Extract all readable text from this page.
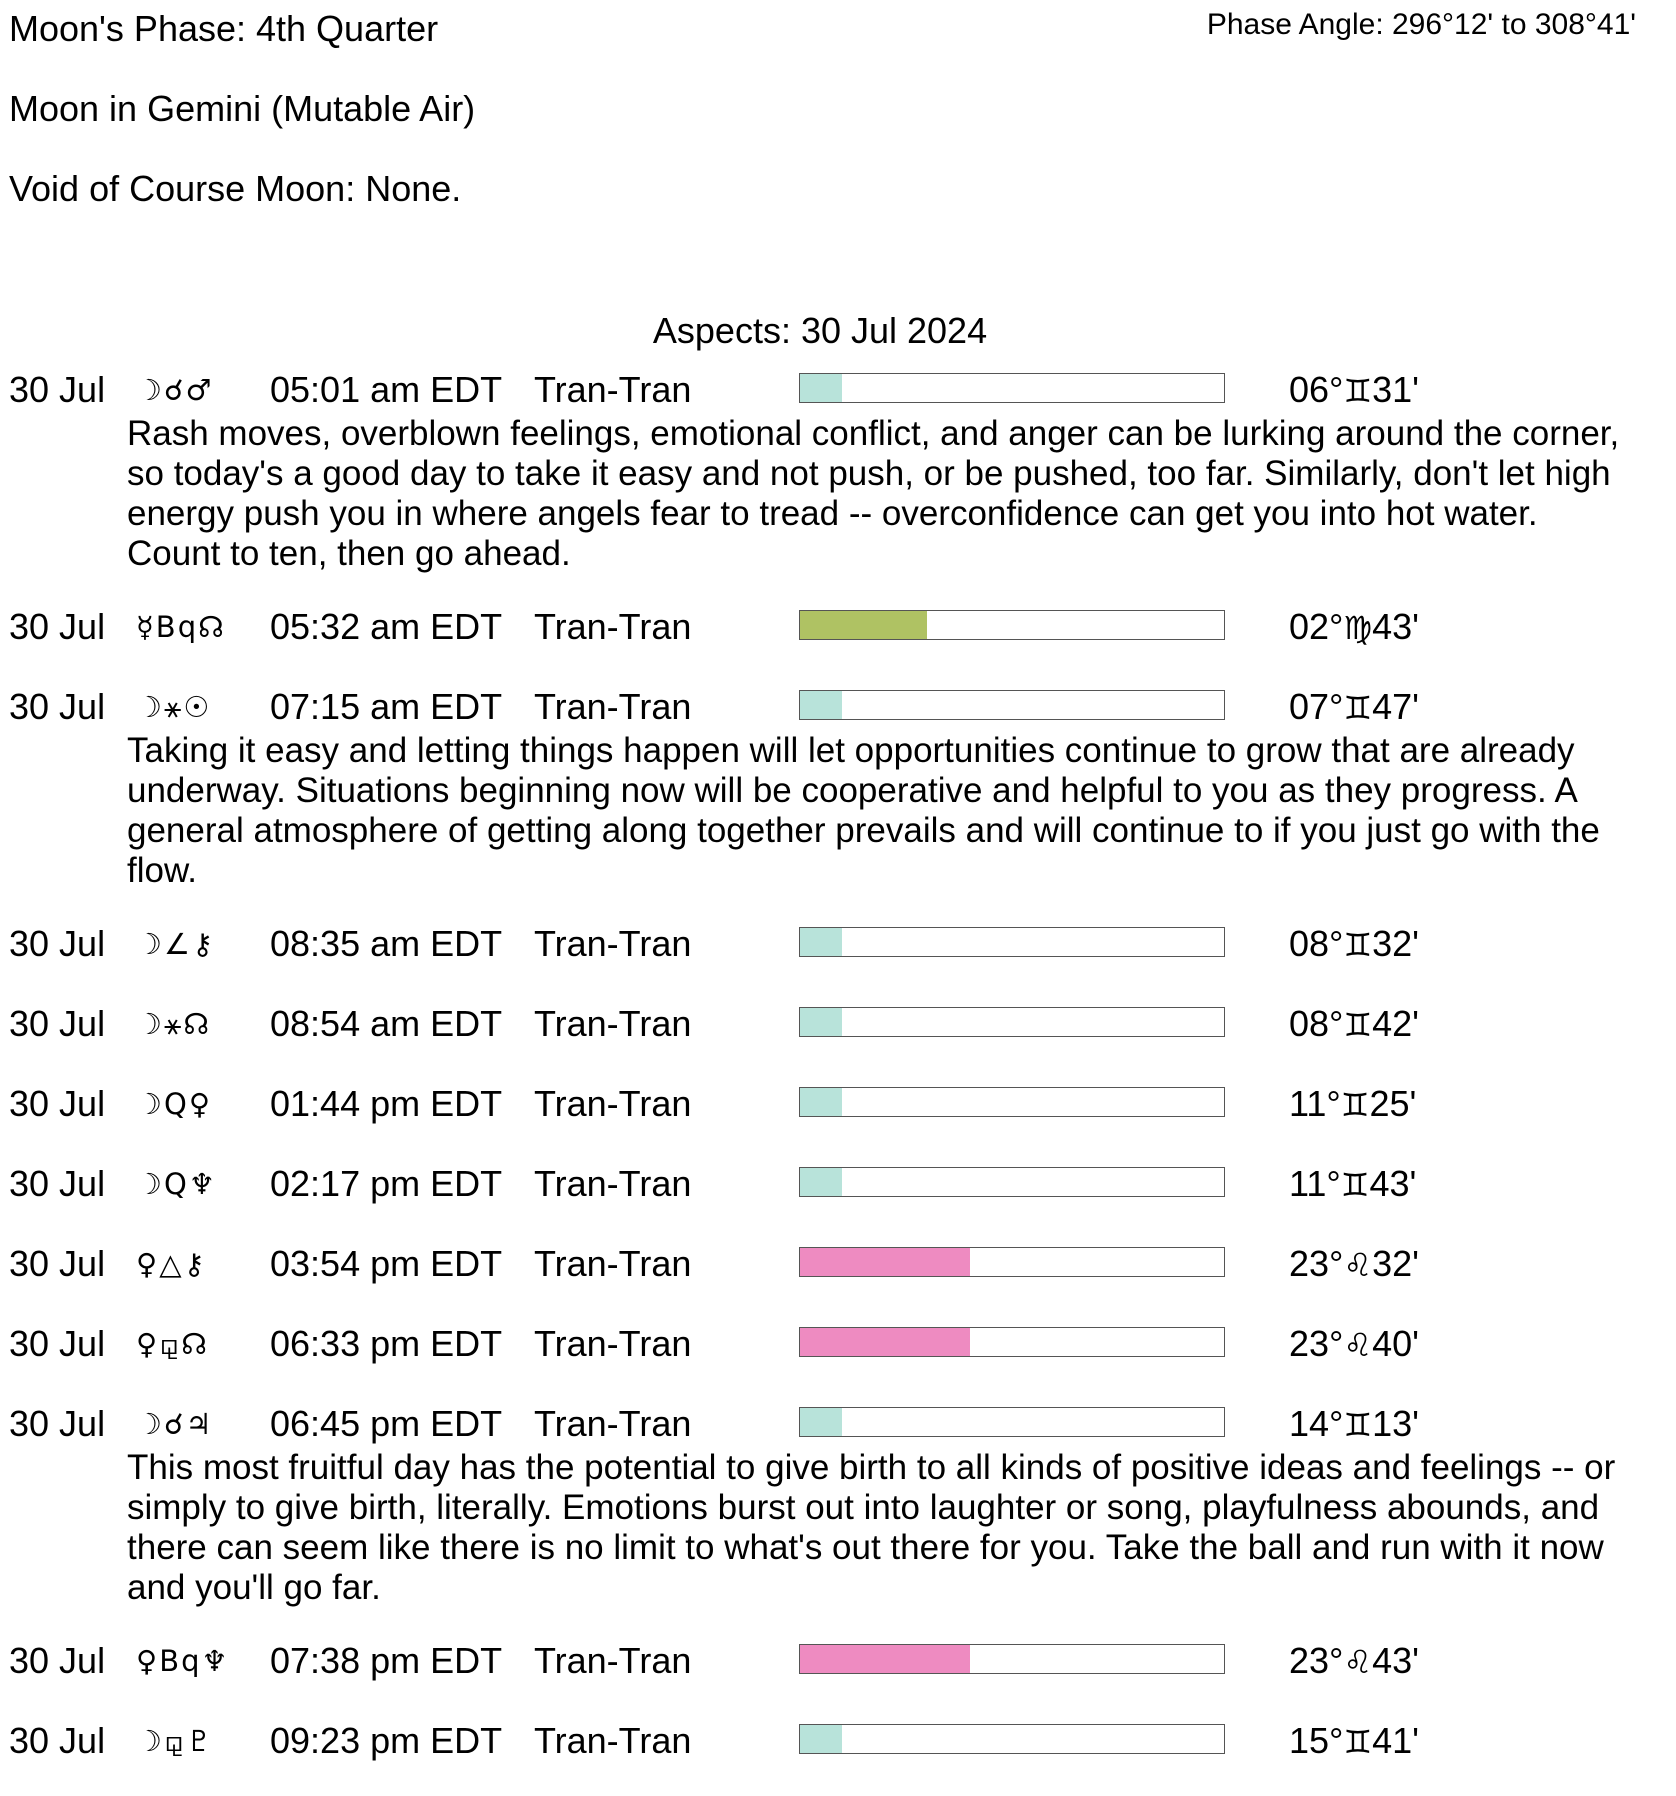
Moon's Phase: 4th Quarter	Phase Angle: 296°12' to 308°41'
Moon in Gemini (Mutable Air)
Void of Course Moon: None.
Aspects: 30 Jul 2024
30 Jul ☽☌♂	05:01 am EDT Tran-Tran	06°♊31'
Rash moves, overblown feelings, emotional conflict, and anger can be lurking around the corner, so today's a good day to take it easy and not push, or be pushed, too far. Similarly, don't let high energy push you in where angels fear to tread -- overconfidence can get you into hot water. Count to ten, then go ahead.
30 Jul ☿Bq☊	05:32 am EDT Tran-Tran	02°♍43'
30 Jul ☽⚹☉	07:15 am EDT Tran-Tran	07°♊47'
Taking it easy and letting things happen will let opportunities continue to grow that are already underway. Situations beginning now will be cooperative and helpful to you as they progress. A general atmosphere of getting along together prevails and will continue to if you just go with the flow.
30 Jul ☽∠⚷	08:35 am EDT Tran-Tran	08°♊32'
30 Jul ☽⚹☊	08:54 am EDT Tran-Tran	08°♊42'
30 Jul ☽Q♀	01:44 pm EDT Tran-Tran	11°♊25'
30 Jul ☽Q♆	02:17 pm EDT Tran-Tran	11°♊43'
30 Jul ♀△⚷	03:54 pm EDT Tran-Tran	23°♌32'
30 Jul ♀⚼☊	06:33 pm EDT Tran-Tran	23°♌40'
30 Jul ☽☌♃	06:45 pm EDT Tran-Tran	14°♊13'
This most fruitful day has the potential to give birth to all kinds of positive ideas and feelings -- or simply to give birth, literally. Emotions burst out into laughter or song, playfulness abounds, and there can seem like there is no limit to what's out there for you. Take the ball and run with it now and you'll go far.
30 Jul ♀Bq♆	07:38 pm EDT Tran-Tran	23°♌43'
30 Jul ☽⚼♇	09:23 pm EDT Tran-Tran	15°♊41'
